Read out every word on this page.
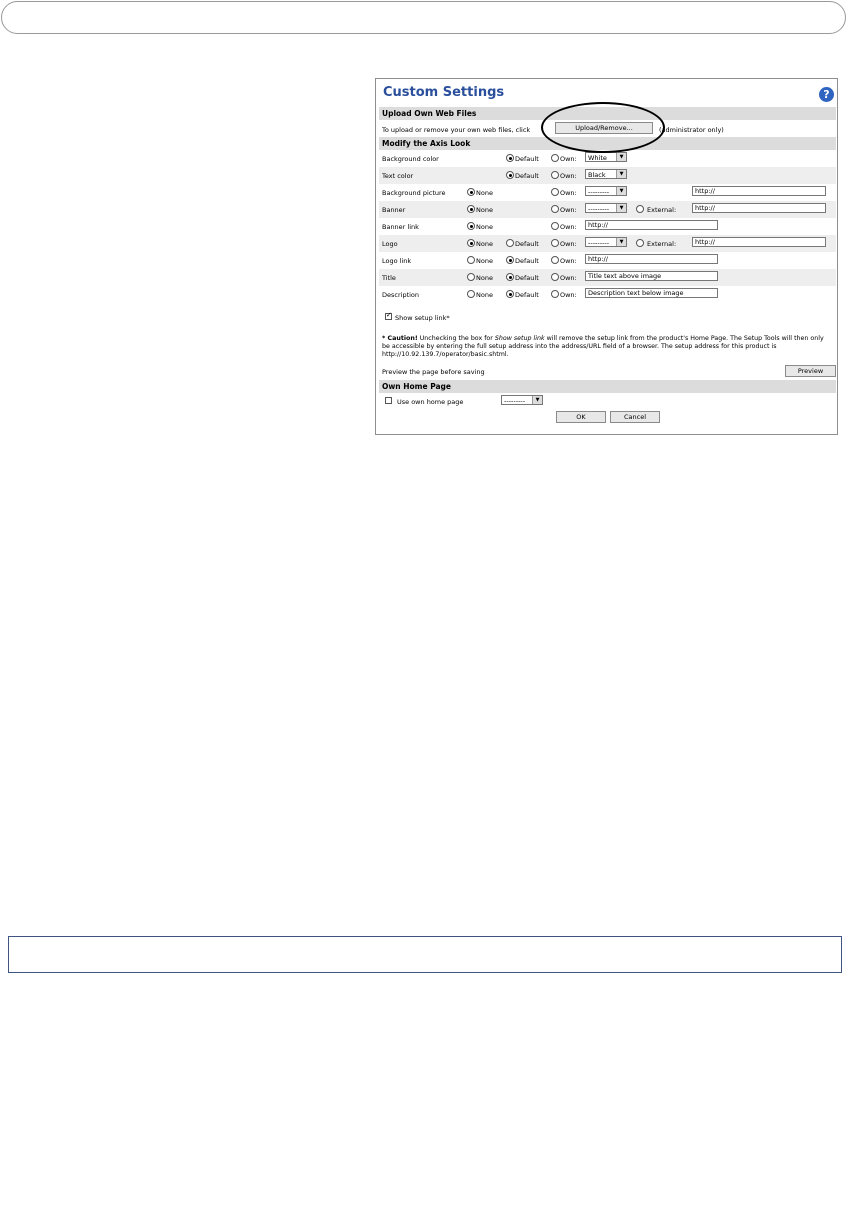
Custom Settings	?
Upload Own Web Files
To upload or remove your own web files, click	Upload/Remove...	(administrator only)
Modify the Axis Look
Background color	Default	Own:	White	▼
Text color	Default	Own:	Black	▼
Background picture	None	Own:	---------	▼	http://
Banner	None	Own:	---------	▼	External:	http://
Banner link	None	Own:	http://
Logo	None	Default	Own:	---------	▼	External:	http://
Logo link	None	Default	Own:	http://
Title	None	Default	Own:	Title text above image
Description	None	Default	Own:	Description text below image
✓
Show setup link*
* Caution! Unchecking the box for Show setup link will remove the setup link from the product's Home Page. The Setup Tools will then only be accessible by entering the full setup address into the address/URL field of a browser. The setup address for this product is http://10.92.139.7/operator/basic.shtml.
Preview the page before saving	Preview
Own Home Page
Use own home page	---------	▼
OK	Cancel
